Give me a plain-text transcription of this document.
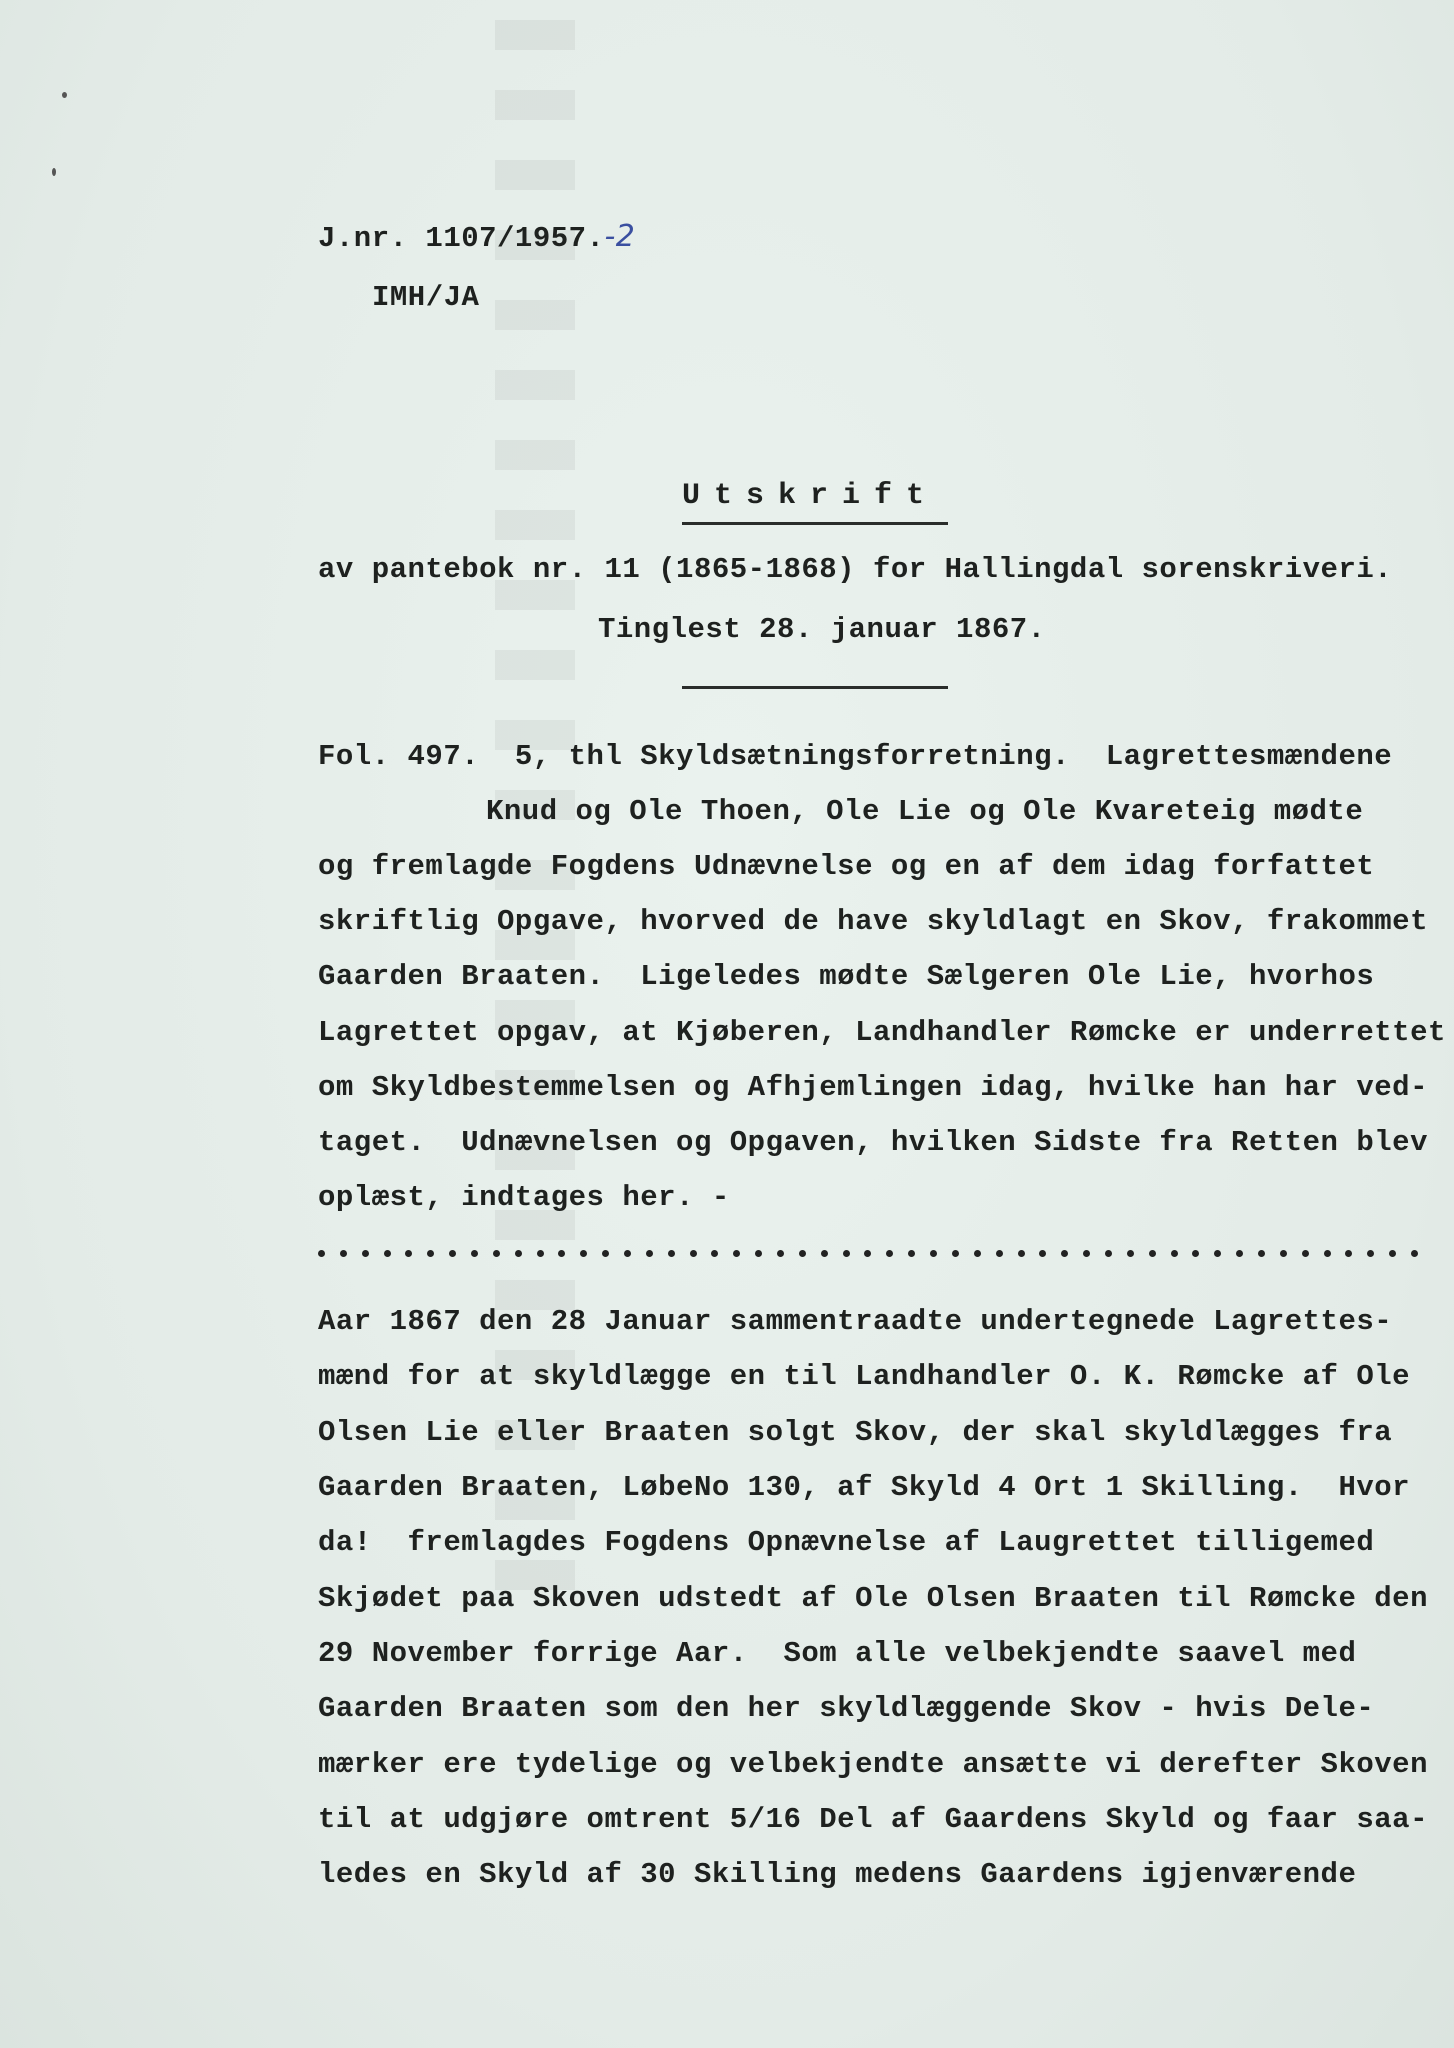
J.nr. 1107/1957.-2
IMH/JA
Utskrift
av pantebok nr. 11 (1865-1868) for Hallingdal sorenskriveri.
Tinglest 28. januar 1867.
Fol. 497.  5, thl Skyldsætningsforretning.  Lagrettesmændene
Knud og Ole Thoen, Ole Lie og Ole Kvareteig mødte
og fremlagde Fogdens Udnævnelse og en af dem idag forfattet
skriftlig Opgave, hvorved de have skyldlagt en Skov, frakommet
Gaarden Braaten.  Ligeledes mødte Sælgeren Ole Lie, hvorhos
Lagrettet opgav, at Kjøberen, Landhandler Rømcke er underrettet
om Skyldbestemmelsen og Afhjemlingen idag, hvilke han har ved-
taget.  Udnævnelsen og Opgaven, hvilken Sidste fra Retten blev
oplæst, indtages her. -
Aar 1867 den 28 Januar sammentraadte undertegnede Lagrettes-
mænd for at skyldlægge en til Landhandler O. K. Rømcke af Ole
Olsen Lie eller Braaten solgt Skov, der skal skyldlægges fra
Gaarden Braaten, LøbeNo 130, af Skyld 4 Ort 1 Skilling.  Hvor
da!  fremlagdes Fogdens Opnævnelse af Laugrettet tilligemed
Skjødet paa Skoven udstedt af Ole Olsen Braaten til Rømcke den
29 November forrige Aar.  Som alle velbekjendte saavel med
Gaarden Braaten som den her skyldlæggende Skov - hvis Dele-
mærker ere tydelige og velbekjendte ansætte vi derefter Skoven
til at udgjøre omtrent 5/16 Del af Gaardens Skyld og faar saa-
ledes en Skyld af 30 Skilling medens Gaardens igjenværende
